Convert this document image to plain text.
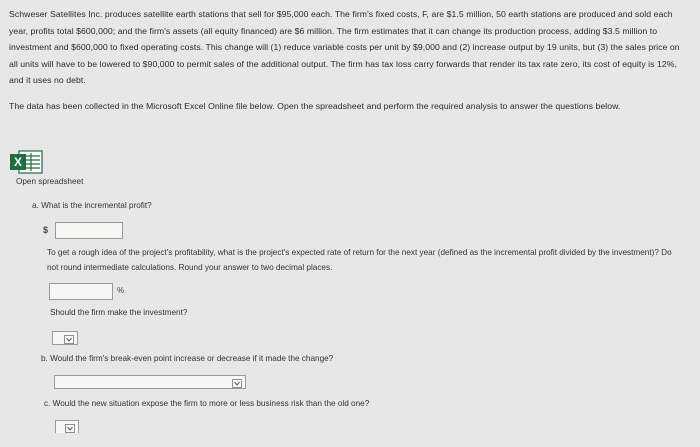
Schweser Satellites Inc. produces satellite earth stations that sell for $95,000 each. The firm's fixed costs, F, are $1.5 million, 50 earth stations are produced and sold each year, profits total $600,000; and the firm's assets (all equity financed) are $6 million. The firm estimates that it can change its production process, adding $3.5 million to investment and $600,000 to fixed operating costs. This change will (1) reduce variable costs per unit by $9,000 and (2) increase output by 19 units, but (3) the sales price on all units will have to be lowered to $90,000 to permit sales of the additional output. The firm has tax loss carry forwards that render its tax rate zero, its cost of equity is 12%, and it uses no debt.
The data has been collected in the Microsoft Excel Online file below. Open the spreadsheet and perform the required analysis to answer the questions below.
X
Open spreadsheet
a. What is the incremental profit?
$
To get a rough idea of the project's profitability, what is the project's expected rate of return for the next year (defined as the incremental profit divided by the investment)? Do not round intermediate calculations. Round your answer to two decimal places.
%
Should the firm make the investment?
b. Would the firm's break-even point increase or decrease if it made the change?
c. Would the new situation expose the firm to more or less business risk than the old one?
